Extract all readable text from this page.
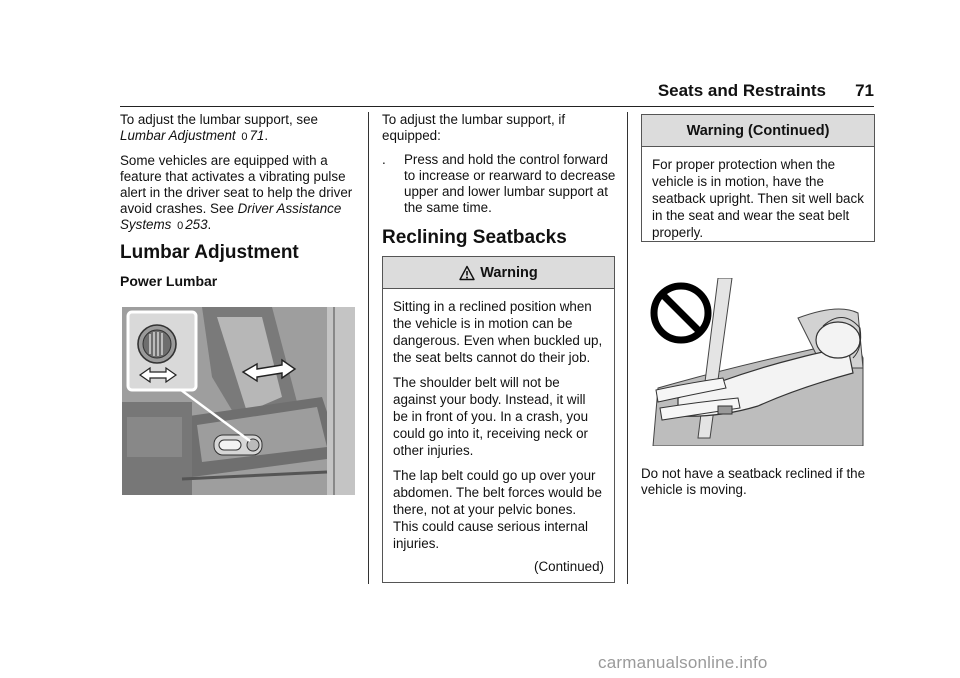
Seats and Restraints	71

To adjust the lumbar support, see Lumbar Adjustment 0 71.

Some vehicles are equipped with a feature that activates a vibrating pulse alert in the driver seat to help the driver avoid crashes. See Driver Assistance Systems 0 253.

Lumbar Adjustment
Power Lumbar

To adjust the lumbar support, if equipped:

. Press and hold the control forward to increase or rearward to decrease upper and lower lumbar support at the same time.
Reclining Seatbacks
Warning

Sitting in a reclined position when the vehicle is in motion can be dangerous. Even when buckled up, the seat belts cannot do their job.

The shoulder belt will not be against your body. Instead, it will be in front of you. In a crash, you could go into it, receiving neck or other injuries.

The lap belt could go up over your abdomen. The belt forces would be there, not at your pelvic bones. This could cause serious internal injuries.

(Continued)
Warning (Continued)

For proper protection when the vehicle is in motion, have the seatback upright. Then sit well back in the seat and wear the seat belt properly.

Do not have a seatback reclined if the vehicle is moving.

carmanualsonline.info
